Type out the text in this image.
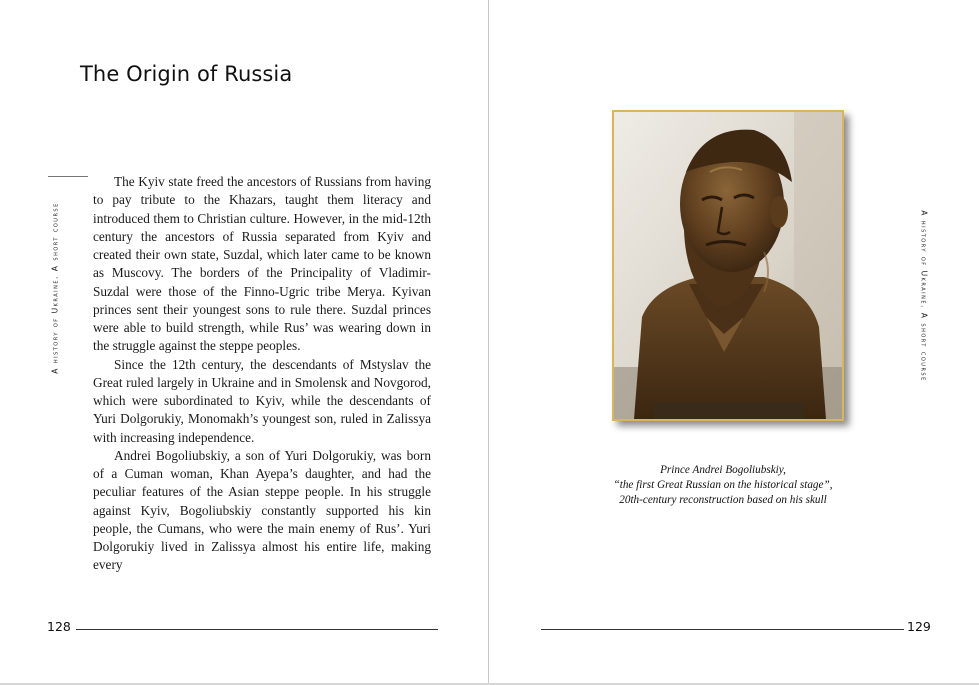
The Origin of Russia
A history of Ukraine. A short course

The Kyiv state freed the ancestors of Russians from having to pay tribute to the Khazars, taught them literacy and introduced them to Christian culture. However, in the mid-12th century the ancestors of Russia separated from Kyiv and created their own state, Suzdal, which later came to be known as Muscovy. The borders of the Principality of Vladimir-Suzdal were those of the Finno-Ugric tribe Merya. Kyivan princes sent their youngest sons to rule there. Suzdal princes were able to build strength, while Rus’ was wearing down in the struggle against the steppe peoples.

Since the 12th century, the descendants of Mstyslav the Great ruled largely in Ukraine and in Smolensk and Novgorod, which were subordinated to Kyiv, while the descendants of Yuri Dolgorukiy, Monomakh’s youngest son, ruled in Zalissya with increasing independence.

Andrei Bogoliubskiy, a son of Yuri Dolgorukiy, was born of a Cuman woman, Khan Ayepa’s daughter, and had the peculiar features of the Asian steppe people. In his struggle against Kyiv, Bogoliubskiy constantly supported his kin people, the Cumans, who were the main enemy of Rus’. Yuri Dolgorukiy lived in Zalissya almost his entire life, making every

128
A history of Ukraine. A short course
Prince Andrei Bogoliubskiy,
“the first Great Russian on the historical stage”,
20th-century reconstruction based on his skull
129
